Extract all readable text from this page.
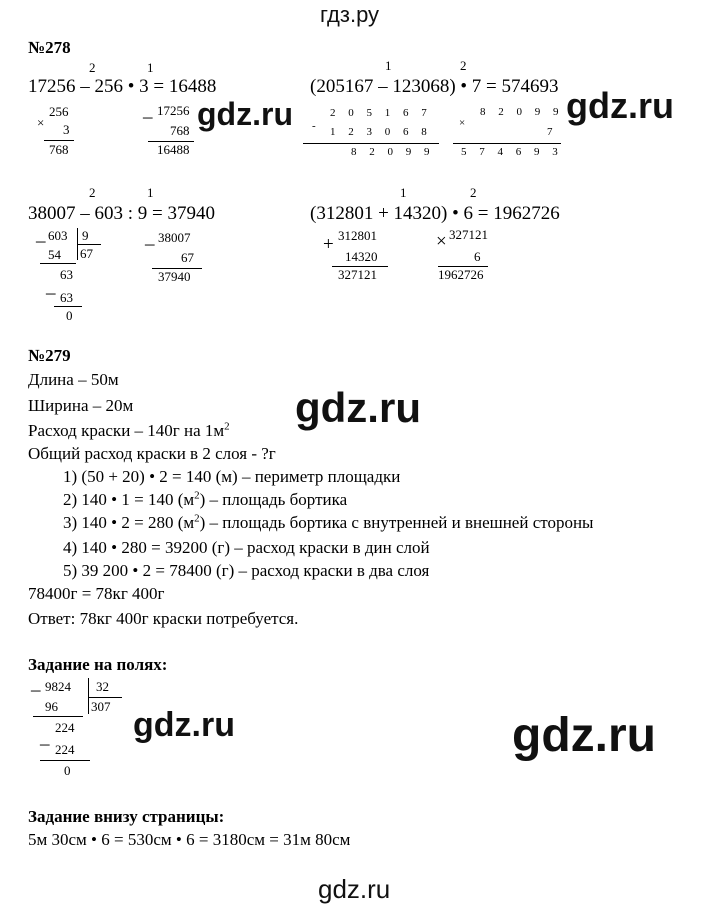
гдз.ру
№278
2	1
17256 – 256 • 3 = 16488
×
256
3
768
_ 17256
768
16488
1	2
(205167 – 123068) • 7 = 574693
2 0 5 1 6 7
- 1 2 3 0 6 8
8 2 0 9 9
8 2 0 9 9
×
7
5 7 4 6 9 3
2	1
38007 – 603 : 9 = 37940
_ 603 9
54 67
63
_
63
0
_ 38007
67
37940
1	2
(312801 + 14320) • 6 = 1962726
+ 312801
14320
327121
× 327121
6
1962726
№279
Длина – 50м
Ширина – 20м
Расход краски – 140г на $1м^2$
Общий расход краски в 2 слоя - ?г
1) (50 + 20) • 2 = 140 (м) – периметр площадки
2) 140 • 1 = 140 $(м^2)$ – площадь бортика
3) 140 • 2 = 280 $(м^2)$ – площадь бортика с внутренней и внешней стороны
4) 140 • 280 = 39200 (г) – расход краски в дин слой
5) 39 200 • 2 = 78400 (г) – расход краски в два слоя
78400г = 78кг 400г
Ответ: 78кг 400г краски потребуется.
Задание на полях:
_ 9824 32
96	307
224
_
224
0
Задание внизу страницы:
5м 30см • 6 = 530см • 6 = 3180см = 31м 80см
gdz.ru	gdz.ru
gdz.ru
gdz.ru	gdz.ru
gdz.ru
